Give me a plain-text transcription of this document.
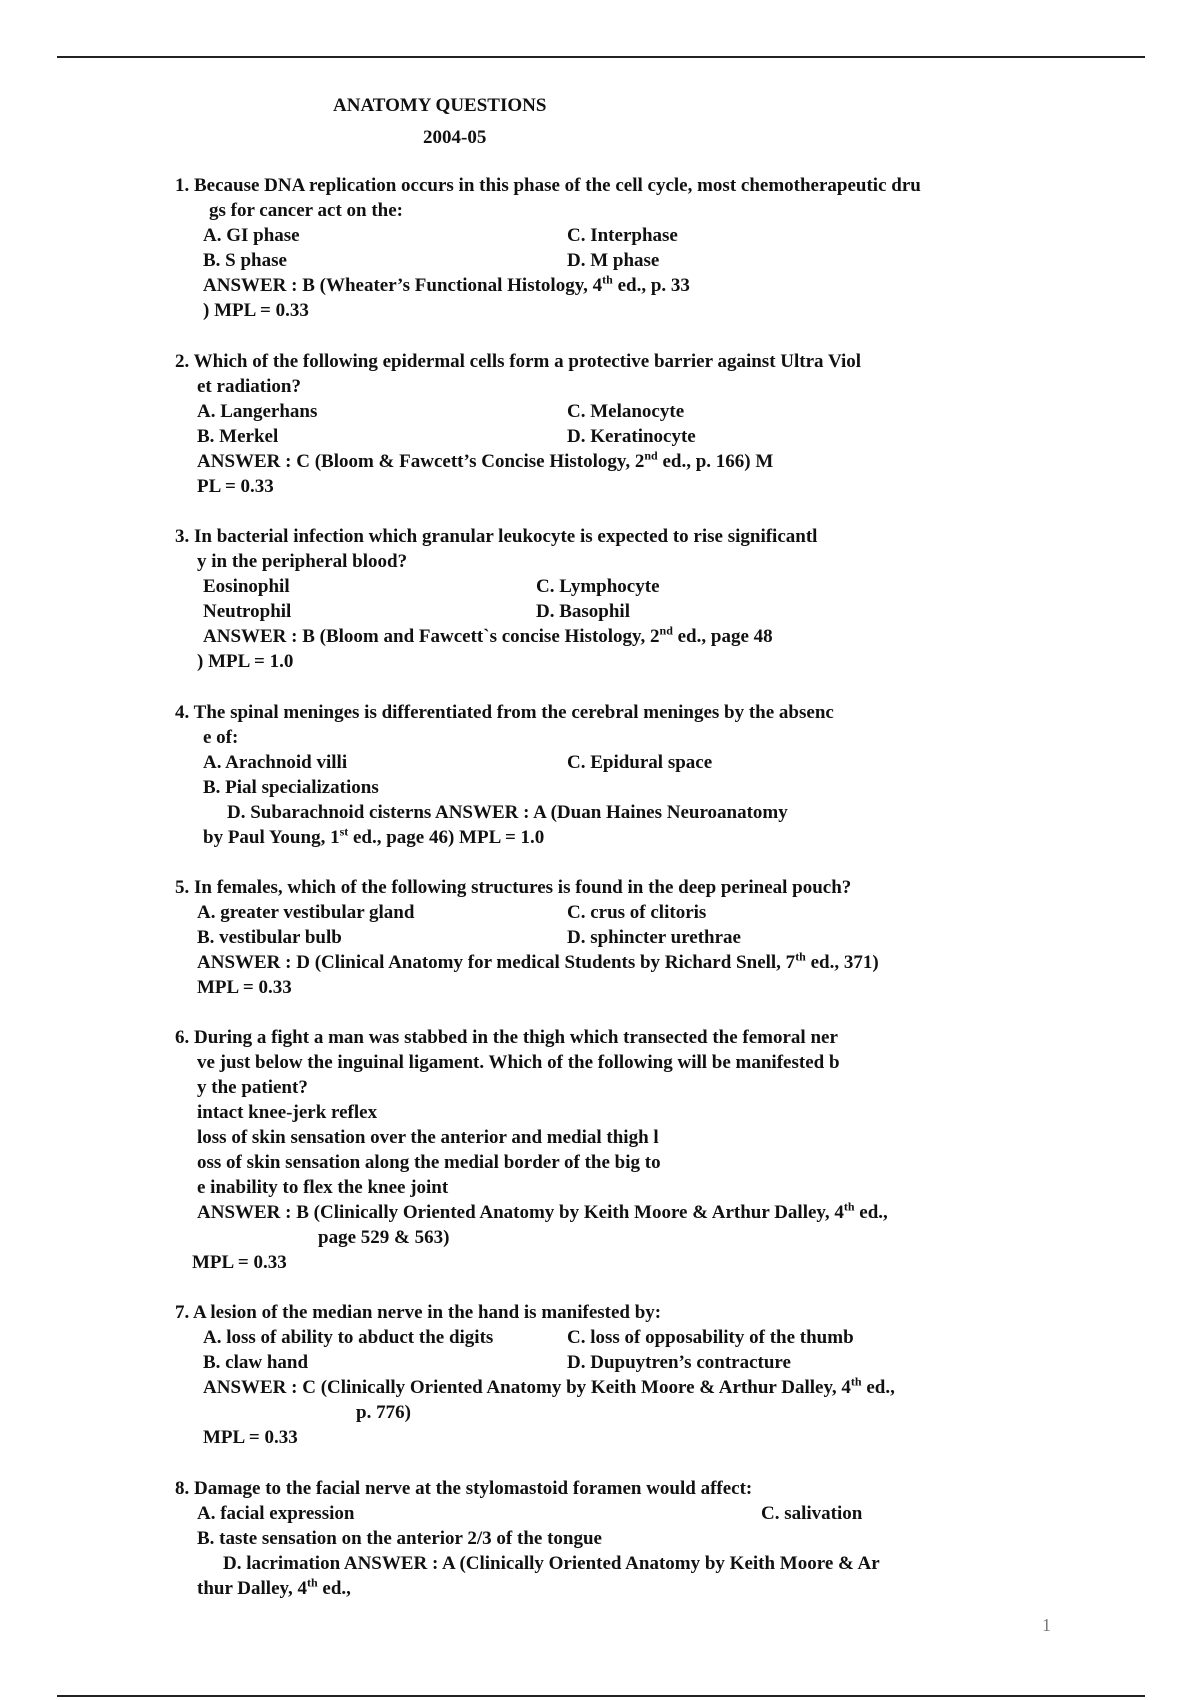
ANATOMY QUESTIONS
2004-05
1. Because DNA replication occurs in this phase of the cell cycle, most chemotherapeutic dru
gs for cancer act on the:
A. GI phase	C. Interphase
B. S phase	D. M phase
ANSWER : B (Wheater’s Functional Histology, 4th ed., p. 33
) MPL = 0.33
2. Which of the following epidermal cells form a protective barrier against Ultra Viol
et radiation?
A. Langerhans	C. Melanocyte
B. Merkel	D. Keratinocyte
ANSWER : C (Bloom & Fawcett’s Concise Histology, 2nd ed., p. 166) M
PL = 0.33
3. In bacterial infection which granular leukocyte is expected to rise significantl
y in the peripheral blood?
Eosinophil	C. Lymphocyte
Neutrophil	D. Basophil
ANSWER : B (Bloom and Fawcett`s concise Histology, 2nd ed., page 48
) MPL = 1.0
4. The spinal meninges is differentiated from the cerebral meninges by the absenc
e of:
A. Arachnoid villi	C. Epidural space
B. Pial specializations
D. Subarachnoid cisterns ANSWER : A (Duan Haines Neuroanatomy
by Paul Young, 1st ed., page 46) MPL = 1.0
5. In females, which of the following structures is found in the deep perineal pouch?
A. greater vestibular gland	C. crus of clitoris
B. vestibular bulb	D. sphincter urethrae
ANSWER : D (Clinical Anatomy for medical Students by Richard Snell, 7th ed., 371)
MPL = 0.33
6. During a fight a man was stabbed in the thigh which transected the femoral ner
ve just below the inguinal ligament. Which of the following will be manifested b
y the patient?
intact knee-jerk reflex
loss of skin sensation over the anterior and medial thigh l
oss of skin sensation along the medial border of the big to
e inability to flex the knee joint
ANSWER : B (Clinically Oriented Anatomy by Keith Moore & Arthur Dalley, 4th ed.,
page 529 & 563)
MPL = 0.33
7. A lesion of the median nerve in the hand is manifested by:
A. loss of ability to abduct the digits	C. loss of opposability of the thumb
B. claw hand	D. Dupuytren’s contracture
ANSWER : C (Clinically Oriented Anatomy by Keith Moore & Arthur Dalley, 4th ed.,
p. 776)
MPL = 0.33
8. Damage to the facial nerve at the stylomastoid foramen would affect:
A. facial expression	C. salivation
B. taste sensation on the anterior 2/3 of the tongue
D. lacrimation ANSWER : A (Clinically Oriented Anatomy by Keith Moore & Ar
thur Dalley, 4th ed.,
1
